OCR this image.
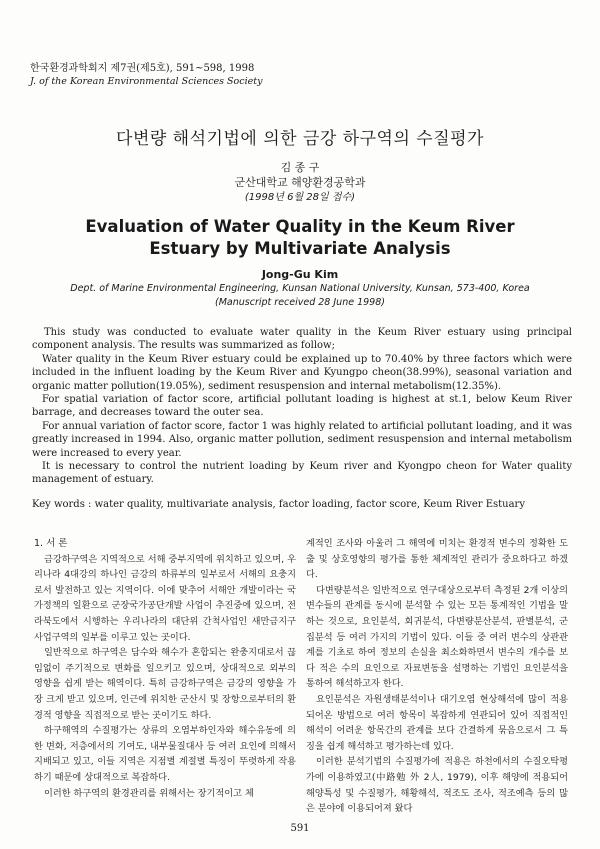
한국환경과학회지 제7권(제5호), 591~598, 1998
J. of the Korean Environmental Sciences Society
다변량 해석기법에 의한 금강 하구역의 수질평가
김 종 구
군산대학교 해양환경공학과
(1998년 6월 28일 접수)
Evaluation of Water Quality in the Keum River Estuary by Multivariate Analysis
Jong-Gu Kim
Dept. of Marine Environmental Engineering, Kunsan National University, Kunsan, 573-400, Korea
(Manuscript received 28 June 1998)

This study was conducted to evaluate water quality in the Keum River estuary using principal component analysis. The results was summarized as follow;

Water quality in the Keum River estuary could be explained up to 70.40% by three factors which were included in the influent loading by the Keum River and Kyungpo cheon(38.99%), seasonal variation and organic matter pollution(19.05%), sediment resuspension and internal metabolism(12.35%).

For spatial variation of factor score, artificial pollutant loading is highest at st.1, below Keum River barrage, and decreases toward the outer sea.

For annual variation of factor score, factor 1 was highly related to artificial pollutant loading, and it was greatly increased in 1994. Also, organic matter pollution, sediment resuspension and internal metabolism were increased to every year.

It is necessary to control the nutrient loading by Keum river and Kyongpo cheon for Water quality management of estuary.

Key words : water quality, multivariate analysis, factor loading, factor score, Keum River Estuary

1. 서 론

금강하구역은 지역적으로 서해 중부지역에 위치하고 있으며, 우리나라 4대강의 하나인 금강의 하류부의 일부로서 서해의 요충지로서 발전하고 있는 지역이다. 이에 맞추어 서해안 개발이라는 국가정책의 일환으로 군장국가공단개발 사업이 추진중에 있으며, 전라북도에서 시행하는 우리나라의 대단위 간척사업인 새만금지구 사업구역의 일부를 이루고 있는 곳이다.

일반적으로 하구역은 담수와 해수가 혼합되는 완충지대로서 끊임없이 주기적으로 변화를 일으키고 있으며, 상대적으로 외부의 영향을 쉽게 받는 해역이다. 특히 금강하구역은 금강의 영향을 가장 크게 받고 있으며, 인근에 위치한 군산시 및 장항으로부터의 환경적 영향을 직접적으로 받는 곳이기도 하다.

하구해역의 수질평가는 상류의 오염부하인자와 해수유동에 의한 변화, 저층에서의 기여도, 내부물질대사 등 여러 요인에 의해서 지배되고 있고, 이들 지역은 지점별 계절별 특징이 뚜렷하게 작용하기 때문에 상대적으로 복잡하다.

이러한 하구역의 환경관리를 위해서는 장기적이고 체

계적인 조사와 아울러 그 해역에 미치는 환경적 변수의 정확한 도출 및 상호영향의 평가를 통한 체계적인 관리가 중요하다고 하겠다.

다변량분석은 일반적으로 연구대상으로부터 측정된 2개 이상의 변수들의 관계를 동시에 분석할 수 있는 모든 통계적인 기법을 말하는 것으로, 요인분석, 회귀분석, 다변량분산분석, 판별분석, 군집분석 등 여러 가지의 기법이 있다. 이들 중 여러 변수의 상관관계를 기초로 하여 정보의 손실을 최소화하면서 변수의 개수를 보다 적은 수의 요인으로 자료변동을 설명하는 기법인 요인분석을 통하여 해석하고자 한다.

요인분석은 자원생태분석이나 대기오염 현상해석에 많이 적용되어온 방법으로 여러 항목이 복잡하게 연관되어 있어 직접적인 해석이 어려운 항목간의 관계를 보다 간결하게 묶음으로서 그 특징을 쉽게 해석하고 평가하는데 있다.

이러한 분석기법의 수질평가에 적용은 하천에서의 수질오탁평가에 이용하였고(中路勉 外 2人, 1979), 이후 해양에 적용되어 해양특성 및 수질평가, 해황해석, 적조도 조사, 적조예측 등의 많은 분야에 이용되어져 왔다

591
